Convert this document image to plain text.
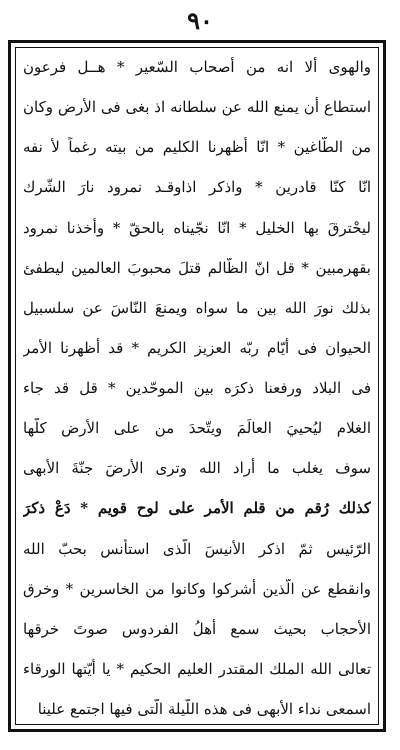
٩٠
والهوى ألا انه من أصحاب السّعير * هــل فرعون
استطاع أن يمنع الله عن سلطانه اذ بغى فى الأرض وكان
من الطّاغين * انّا أظهرنا الكليم من بيته رغماً لأ نفه
انّا كنّا قادرين * واذكر اذاوقـد نمرود نارَ الشّرك
ليحْترقَ بها الخليل * انّا نجّيناه بالحقّ * وأخذنا نمرود
بقهرمبين * قل انّ الظّالم قتلَ محبوبَ العالمين ليطفئ
بذلك نورَ الله بين ما سواه ويمنعَ النّاسَ عن سلسبيل
الحيوان فى أيّام ربّه العزيز الكريم * قد أظهرنا الأمر
فى البلاد ورفعنا ذكرَه بين الموحّدين * قل قد جاء
الغلام ليُحييَ العالَمَ ويتّحدَ من على الأرض كلّها
سوف يغلب ما أراد الله وترى الأرضَ جنّةَ الأبهى
كذلك رُقم من قلم الأمر على لوح قويم * دَعْ ذكرَ
الرّئيس ثمّ اذكر الأنيسَ الّذى استأنس بحبّ الله
وانقطع عن الّذين أشركوا وكانوا من الخاسرين * وخرق
الأحجاب بحيث سمع أهلُ الفردوس صوتَ خرقها
تعالى الله الملك المقتدر العليم الحكيم * يا أيّتها الورقاء
اسمعى نداء الأبهى فى هذه اللّيلة الّتى فيها اجتمع علينا
